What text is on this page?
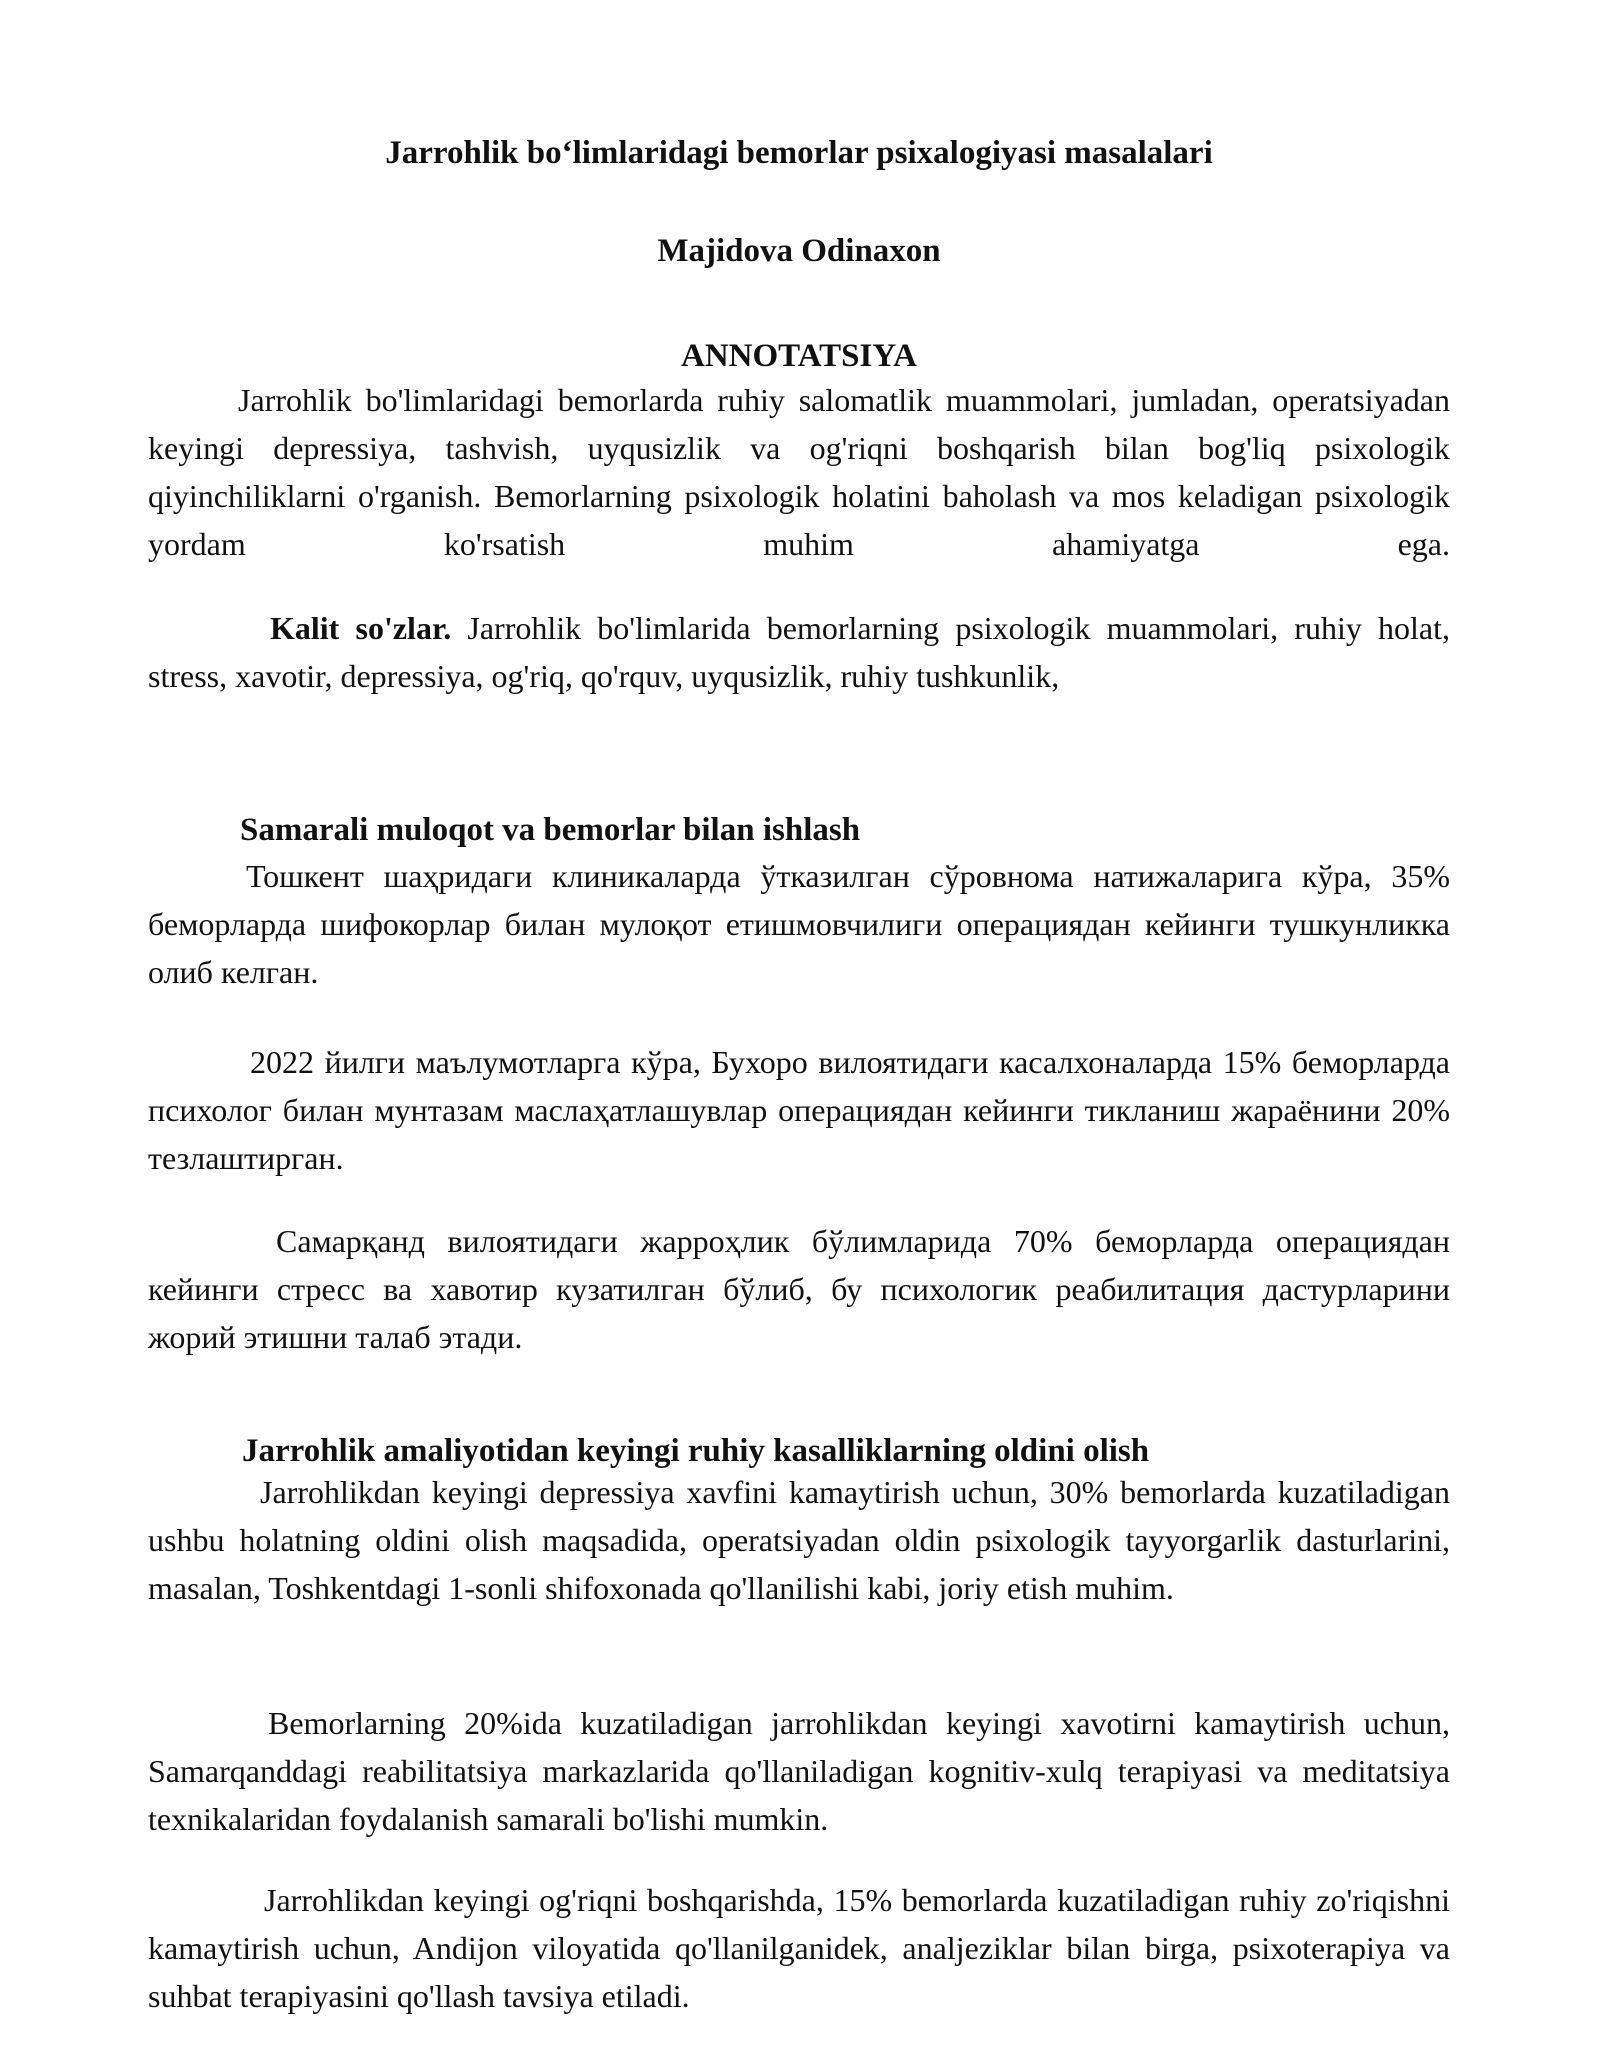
Jarrohlik boʻlimlaridagi bemorlar psixalogiyasi masalalari
Majidova Odinaxon
ANNOTATSIYA
Jarrohlik bo'limlaridagi bemorlarda ruhiy salomatlik muammolari, jumladan, operatsiyadan keyingi depressiya, tashvish, uyqusizlik va og'riqni boshqarish bilan bog'liq psixologik qiyinchiliklarni o'rganish. Bemorlarning psixologik holatini baholash va mos keladigan psixologik yordam ko'rsatish muhim ahamiyatga ega.
Kalit so'zlar. Jarrohlik bo'limlarida bemorlarning psixologik muammolari, ruhiy holat, stress, xavotir, depressiya, og'riq, qo'rquv, uyqusizlik, ruhiy tushkunlik,
Samarali muloqot va bemorlar bilan ishlash
Тошкент шаҳридаги клиникаларда ўтказилган сўровнома натижаларига кўра, 35% беморларда шифокорлар билан мулоқот етишмовчилиги операциядан кейинги тушкунликка олиб келган.
2022 йилги маълумотларга кўра, Бухоро вилоятидаги касалхоналарда 15% беморларда психолог билан мунтазам маслаҳатлашувлар операциядан кейинги тикланиш жараёнини 20% тезлаштирган.
Самарқанд вилоятидаги жарроҳлик бўлимларида 70% беморларда операциядан кейинги стресс ва хавотир кузатилган бўлиб, бу психологик реабилитация дастурларини жорий этишни талаб этади.
Jarrohlik amaliyotidan keyingi ruhiy kasalliklarning oldini olish
Jarrohlikdan keyingi depressiya xavfini kamaytirish uchun, 30% bemorlarda kuzatiladigan ushbu holatning oldini olish maqsadida, operatsiyadan oldin psixologik tayyorgarlik dasturlarini, masalan, Toshkentdagi 1-sonli shifoxonada qo'llanilishi kabi, joriy etish muhim.
Bemorlarning 20%ida kuzatiladigan jarrohlikdan keyingi xavotirni kamaytirish uchun, Samarqanddagi reabilitatsiya markazlarida qo'llaniladigan kognitiv-xulq terapiyasi va meditatsiya texnikalaridan foydalanish samarali bo'lishi mumkin.
Jarrohlikdan keyingi og'riqni boshqarishda, 15% bemorlarda kuzatiladigan ruhiy zo'riqishni kamaytirish uchun, Andijon viloyatida qo'llanilganidek, analjeziklar bilan birga, psixoterapiya va suhbat terapiyasini qo'llash tavsiya etiladi.
